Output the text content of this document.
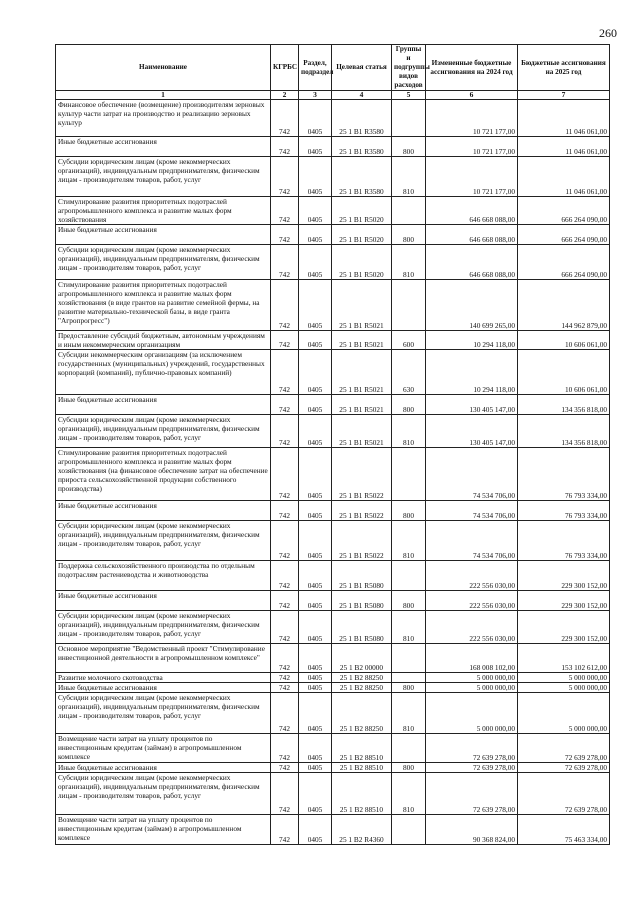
260
Наименование	КГРБС	Раздел, подраздел	Целевая статья	Группы и подгруппы видов расходов	Измененные бюджетные ассигнования на 2024 год	Бюджетные ассигнования на 2025 год
1	2	3	4	5	6	7
Финансовое обеспечение (возмещение) производителям зерновых культур части затрат на производство и реализацию зерновых культур	742	0405	25 1 В1 R3580		10 721 177,00	11 046 061,00
Иные бюджетные ассигнования	742	0405	25 1 В1 R3580	800	10 721 177,00	11 046 061,00
Субсидии юридическим лицам (кроме некоммерческих организаций), индивидуальным предпринимателям, физическим лицам - производителям товаров, работ, услуг	742	0405	25 1 В1 R3580	810	10 721 177,00	11 046 061,00
Стимулирование развития приоритетных подотраслей агропромышленного комплекса и развитие малых форм хозяйствования	742	0405	25 1 В1 R5020		646 668 088,00	666 264 090,00
Иные бюджетные ассигнования	742	0405	25 1 В1 R5020	800	646 668 088,00	666 264 090,00
Субсидии юридическим лицам (кроме некоммерческих организаций), индивидуальным предпринимателям, физическим лицам - производителям товаров, работ, услуг	742	0405	25 1 В1 R5020	810	646 668 088,00	666 264 090,00
Стимулирование развития приоритетных подотраслей агропромышленного комплекса и развитие малых форм хозяйствования (в виде грантов на развитие семейной фермы, на развитие материально-технической базы, в виде гранта "Агропрогресс")	742	0405	25 1 В1 R5021		140 699 265,00	144 962 879,00
Предоставление субсидий бюджетным, автономным учреждениям и иным некоммерческим организациям	742	0405	25 1 В1 R5021	600	10 294 118,00	10 606 061,00
Субсидии некоммерческим организациям (за исключением государственных (муниципальных) учреждений, государственных корпораций (компаний), публично-правовых компаний)	742	0405	25 1 В1 R5021	630	10 294 118,00	10 606 061,00
Иные бюджетные ассигнования	742	0405	25 1 В1 R5021	800	130 405 147,00	134 356 818,00
Субсидии юридическим лицам (кроме некоммерческих организаций), индивидуальным предпринимателям, физическим лицам - производителям товаров, работ, услуг	742	0405	25 1 В1 R5021	810	130 405 147,00	134 356 818,00
Стимулирование развития приоритетных подотраслей агропромышленного комплекса и развитие малых форм хозяйствования (на финансовое обеспечение затрат на обеспечение прироста сельскохозяйственной продукции собственного производства)	742	0405	25 1 В1 R5022		74 534 706,00	76 793 334,00
Иные бюджетные ассигнования	742	0405	25 1 В1 R5022	800	74 534 706,00	76 793 334,00
Субсидии юридическим лицам (кроме некоммерческих организаций), индивидуальным предпринимателям, физическим лицам - производителям товаров, работ, услуг	742	0405	25 1 В1 R5022	810	74 534 706,00	76 793 334,00
Поддержка сельскохозяйственного производства по отдельным подотраслям растениеводства и животноводства	742	0405	25 1 В1 R5080		222 556 030,00	229 300 152,00
Иные бюджетные ассигнования	742	0405	25 1 В1 R5080	800	222 556 030,00	229 300 152,00
Субсидии юридическим лицам (кроме некоммерческих организаций), индивидуальным предпринимателям, физическим лицам - производителям товаров, работ, услуг	742	0405	25 1 В1 R5080	810	222 556 030,00	229 300 152,00
Основное мероприятие "Ведомственный проект "Стимулирование инвестиционной деятельности в агропромышленном комплексе"	742	0405	25 1 В2 00000		168 008 102,00	153 102 612,00
Развитие молочного скотоводства	742	0405	25 1 В2 88250		5 000 000,00	5 000 000,00
Иные бюджетные ассигнования	742	0405	25 1 В2 88250	800	5 000 000,00	5 000 000,00
Субсидии юридическим лицам (кроме некоммерческих организаций), индивидуальным предпринимателям, физическим лицам - производителям товаров, работ, услуг	742	0405	25 1 В2 88250	810	5 000 000,00	5 000 000,00
Возмещение части затрат на уплату процентов по инвестиционным кредитам (займам) в агропромышленном комплексе	742	0405	25 1 В2 88510		72 639 278,00	72 639 278,00
Иные бюджетные ассигнования	742	0405	25 1 В2 88510	800	72 639 278,00	72 639 278,00
Субсидии юридическим лицам (кроме некоммерческих организаций), индивидуальным предпринимателям, физическим лицам - производителям товаров, работ, услуг	742	0405	25 1 В2 88510	810	72 639 278,00	72 639 278,00
Возмещение части затрат на уплату процентов по инвестиционным кредитам (займам) в агропромышленном комплексе	742	0405	25 1 В2 R4360		90 368 824,00	75 463 334,00
